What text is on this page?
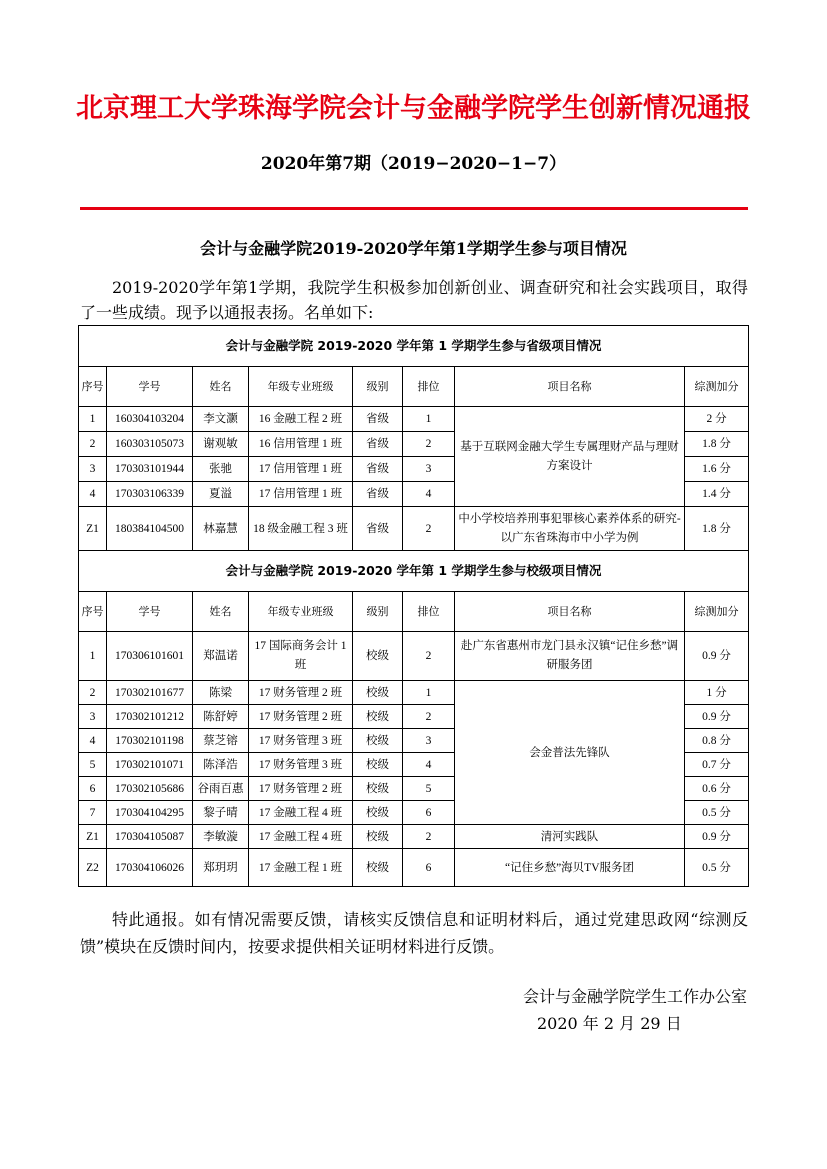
北京理工大学珠海学院会计与金融学院学生创新情况通报
2020年第7期（2019−2020−1−7）
会计与金融学院2019-2020学年第1学期学生参与项目情况
2019-2020学年第1学期，我院学生积极参加创新创业、调查研究和社会实践项目，取得了一些成绩。现予以通报表扬。名单如下:
会计与金融学院 2019-2020 学年第 1 学期学生参与省级项目情况							
序号	学号	姓名	年级专业班级	级别	排位	项目名称	综测加分
1	160304103204	李文灏	16 金融工程 2 班	省级	1	基于互联网金融大学生专属理财产品与理财方案设计	2 分
2	160303105073	谢观敏	16 信用管理 1 班	省级	2		1.8 分
3	170303101944	张驰	17 信用管理 1 班	省级	3		1.6 分
4	170303106339	夏溢	17 信用管理 1 班	省级	4		1.4 分
Z1	180384104500	林嘉慧	18 级金融工程 3 班	省级	2	中小学校培养刑事犯罪核心素养体系的研究-以广东省珠海市中小学为例	1.8 分
会计与金融学院 2019-2020 学年第 1 学期学生参与校级项目情况							
序号	学号	姓名	年级专业班级	级别	排位	项目名称	综测加分
1	170306101601	郑温诺	17 国际商务会计 1 班	校级	2	赴广东省惠州市龙门县永汉镇“记住乡愁”调研服务团	0.9 分
2	170302101677	陈梁	17 财务管理 2 班	校级	1	会金普法先锋队	1 分
3	170302101212	陈舒婷	17 财务管理 2 班	校级	2		0.9 分
4	170302101198	蔡芝镕	17 财务管理 3 班	校级	3		0.8 分
5	170302101071	陈泽浩	17 财务管理 3 班	校级	4		0.7 分
6	170302105686	谷雨百惠	17 财务管理 2 班	校级	5		0.6 分
7	170304104295	黎子晴	17 金融工程 4 班	校级	6		0.5 分
Z1	170304105087	李敏漩	17 金融工程 4 班	校级	2	清河实践队	0.9 分
Z2	170304106026	郑玥玥	17 金融工程 1 班	校级	6	“记住乡愁”海贝TV服务团	0.5 分
特此通报。如有情况需要反馈，请核实反馈信息和证明材料后，通过党建思政网“综测反馈”模块在反馈时间内，按要求提供相关证明材料进行反馈。
会计与金融学院学生工作办公室
2020 年 2 月 29 日
